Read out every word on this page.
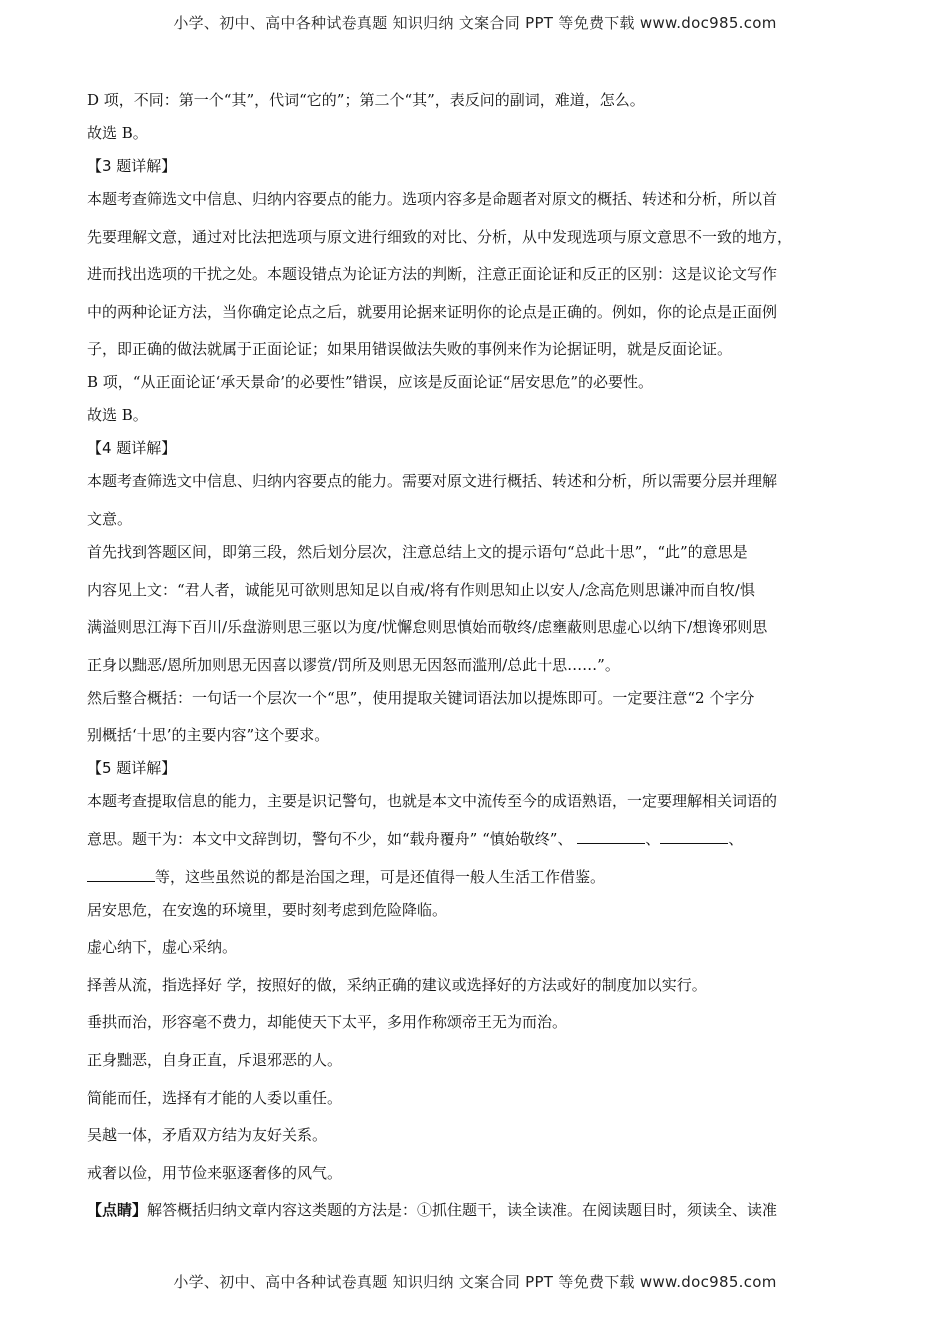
小学、初中、高中各种试卷真题 知识归纳 文案合同 PPT 等免费下载 www.doc985.com
D 项，不同：第一个“其”，代词“它的”；第二个“其”，表反问的副词，难道，怎么。
故选 B。
【3 题详解】
本题考查筛选文中信息、归纳内容要点的能力。选项内容多是命题者对原文的概括、转述和分析，所以首
先要理解文意，通过对比法把选项与原文进行细致的对比、分析，从中发现选项与原文意思不一致的地方，
进而找出选项的干扰之处。本题设错点为论证方法的判断，注意正面论证和反正的区别：这是议论文写作
中的两种论证方法，当你确定论点之后，就要用论据来证明你的论点是正确的。例如，你的论点是正面例
子，即正确的做法就属于正面论证；如果用错误做法失败的事例来作为论据证明，就是反面论证。
B 项，“从正面论证‘承天景命’的必要性”错误，应该是反面论证“居安思危”的必要性。
故选 B。
【4 题详解】
本题考查筛选文中信息、归纳内容要点的能力。需要对原文进行概括、转述和分析，所以需要分层并理解
文意。
首先找到答题区间，即第三段，然后划分层次，注意总结上文的提示语句“总此十思”，“此”的意思是
内容见上文：“君人者，诚能见可欲则思知足以自戒/将有作则思知止以安人/念高危则思谦冲而自牧/惧
满溢则思江海下百川/乐盘游则思三驱以为度/忧懈怠则思慎始而敬终/虑壅蔽则思虚心以纳下/想谗邪则思
正身以黜恶/恩所加则思无因喜以谬赏/罚所及则思无因怒而滥刑/总此十思……”。
然后整合概括：一句话一个层次一个“思”，使用提取关键词语法加以提炼即可。一定要注意“2 个字分
别概括‘十思’的主要内容”这个要求。
【5 题详解】
本题考查提取信息的能力，主要是识记警句，也就是本文中流传至今的成语熟语，一定要理解相关词语的
意思。题干为：本文中文辞剀切，警句不少，如“载舟覆舟” “慎始敬终”、	、	、
等，这些虽然说的都是治国之理，可是还值得一般人生活工作借鉴。
居安思危，在安逸的环境里，要时刻考虑到危险降临。
虚心纳下，虚心采纳。
择善从流，指选择好 学，按照好的做，采纳正确的建议或选择好的方法或好的制度加以实行。
垂拱而治，形容毫不费力，却能使天下太平，多用作称颂帝王无为而治。
正身黜恶，自身正直，斥退邪恶的人。
简能而任，选择有才能的人委以重任。
吴越一体，矛盾双方结为友好关系。
戒奢以俭，用节俭来驱逐奢侈的风气。
【点睛】解答概括归纳文章内容这类题的方法是：①抓住题干，读全读准。在阅读题目时，须读全、读准
小学、初中、高中各种试卷真题 知识归纳 文案合同 PPT 等免费下载 www.doc985.com
